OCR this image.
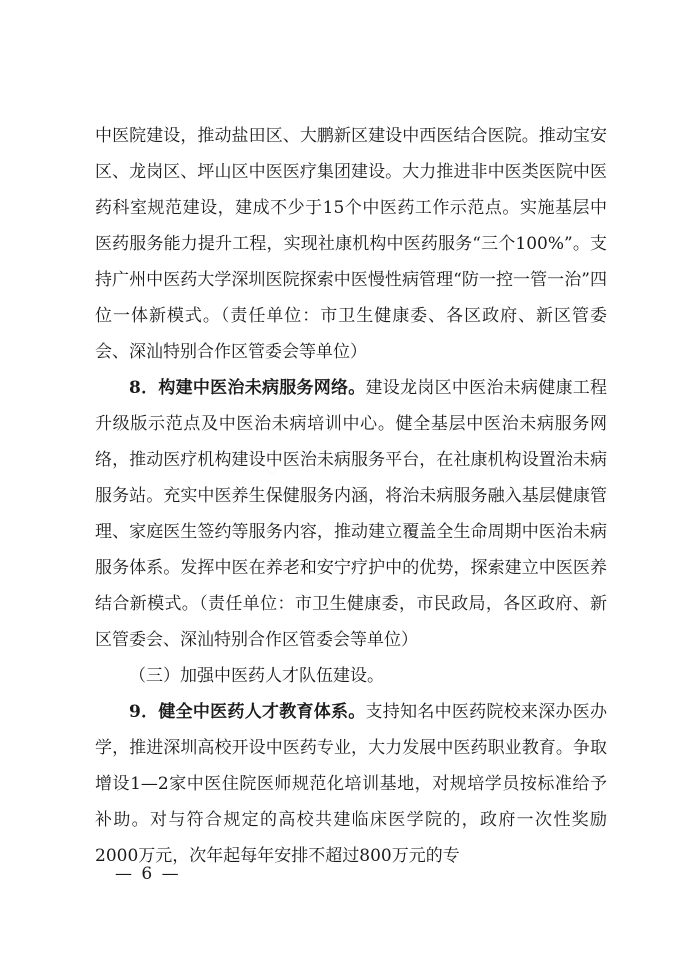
中医院建设，推动盐田区、大鹏新区建设中西医结合医院。推动宝安区、龙岗区、坪山区中医医疗集团建设。大力推进非中医类医院中医药科室规范建设，建成不少于15个中医药工作示范点。实施基层中医药服务能力提升工程，实现社康机构中医药服务“三个100%”。支持广州中医药大学深圳医院探索中医慢性病管理“防一控一管一治”四位一体新模式。（责任单位：市卫生健康委、各区政府、新区管委会、深汕特别合作区管委会等单位）

8．构建中医治未病服务网络。建设龙岗区中医治未病健康工程升级版示范点及中医治未病培训中心。健全基层中医治未病服务网络，推动医疗机构建设中医治未病服务平台，在社康机构设置治未病服务站。充实中医养生保健服务内涵，将治未病服务融入基层健康管理、家庭医生签约等服务内容，推动建立覆盖全生命周期中医治未病服务体系。发挥中医在养老和安宁疗护中的优势，探索建立中医医养结合新模式。（责任单位：市卫生健康委，市民政局，各区政府、新区管委会、深汕特别合作区管委会等单位）

（三）加强中医药人才队伍建设。

9．健全中医药人才教育体系。支持知名中医药院校来深办医办学，推进深圳高校开设中医药专业，大力发展中医药职业教育。争取增设1—2家中医住院医师规范化培训基地，对规培学员按标准给予补助。对与符合规定的高校共建临床医学院的，政府一次性奖励2000万元，次年起每年安排不超过800万元的专

— 6 —
